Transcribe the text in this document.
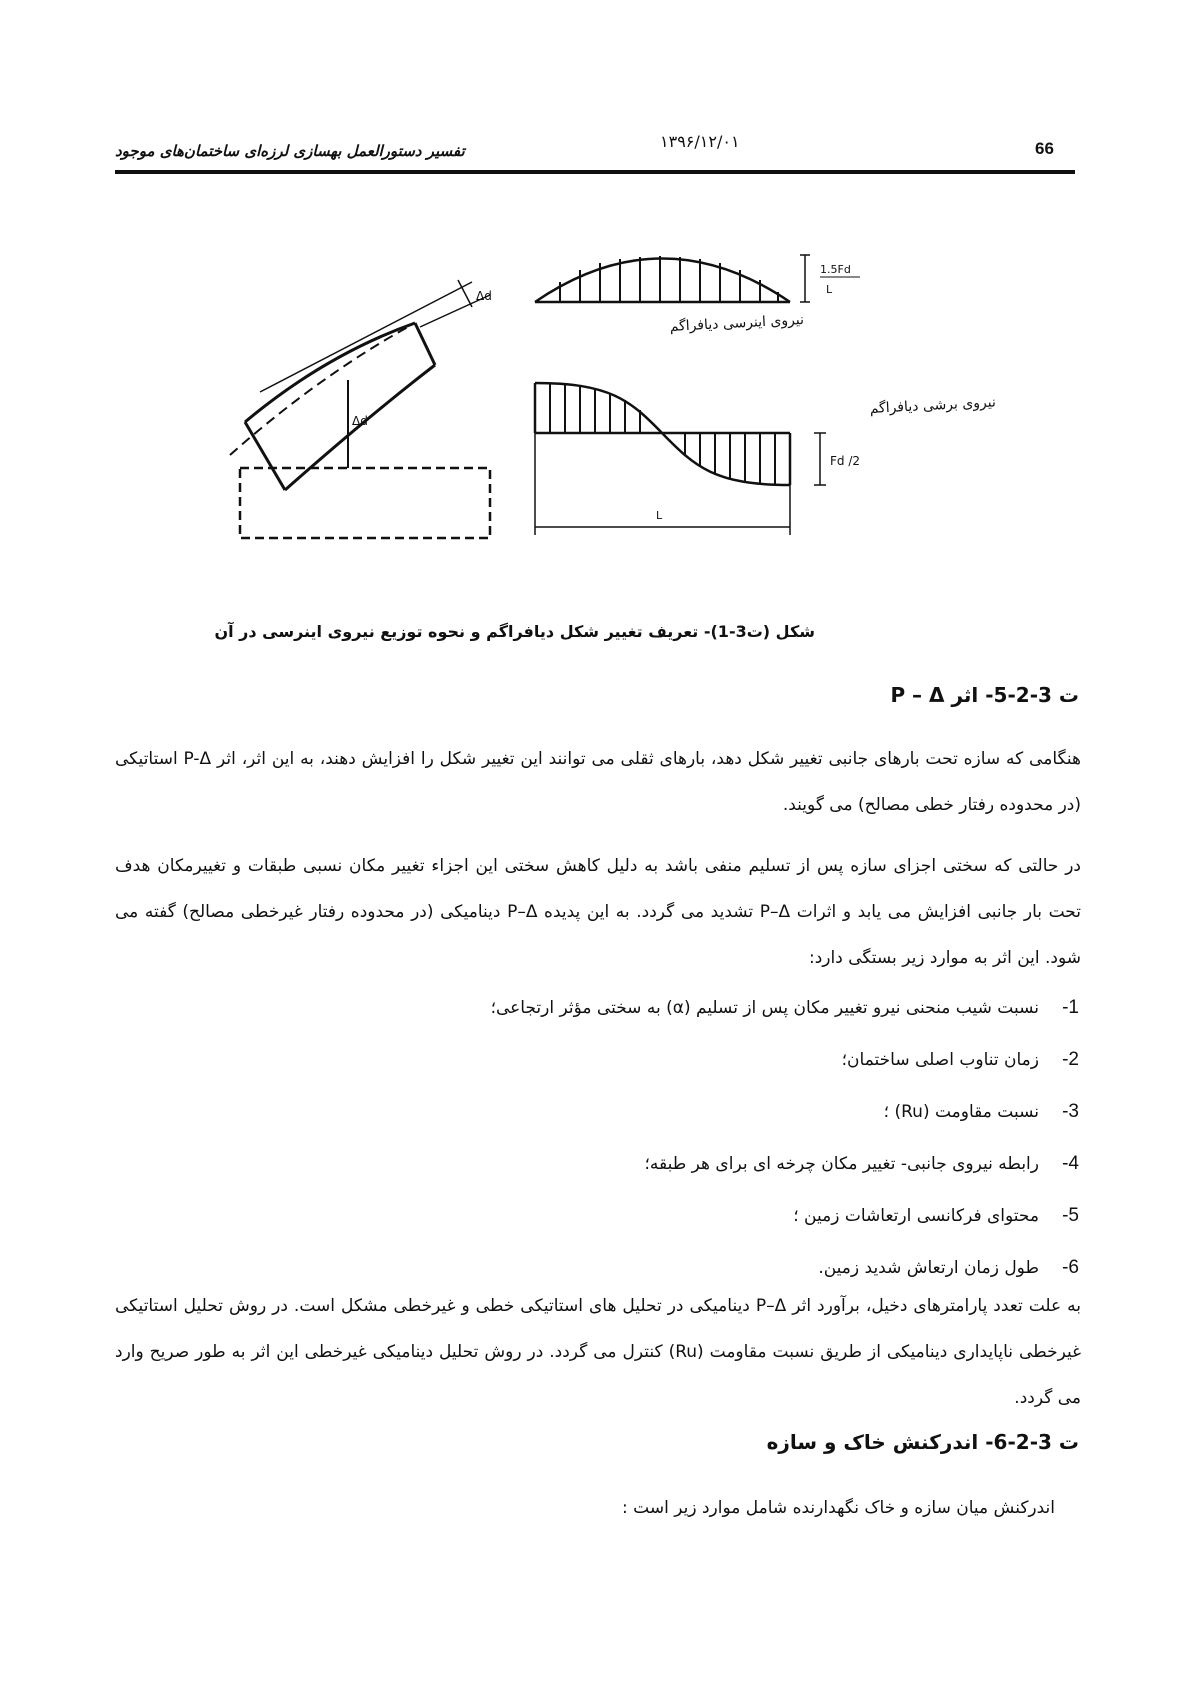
66
۱۳۹۶/۱۲/۰۱
تفسیر دستورالعمل بهسازی لرزه‌ای ساختمان‌های موجود
Δd
Δd
1.5Fd
L
نیروی اینرسی دیافراگم
نیروی برشی دیافراگم
Fd /2
L
شکل (ت3-1)- تعریف تغییر شکل دیافراگم و نحوه توزیع نیروی اینرسی در آن
ت 3-2-5- اثر P – Δ
هنگامی که سازه تحت بارهای جانبی تغییر شکل دهد، بارهای ثقلی می توانند این تغییر شکل را افزایش دهند، به این اثر، اثر P-Δ استاتیکی (در محدوده رفتار خطی مصالح) می گویند.
در حالتی که سختی اجزای سازه پس از تسلیم منفی باشد به دلیل کاهش سختی این اجزاء تغییر مکان نسبی طبقات و تغییرمکان هدف تحت بار جانبی افزایش می یابد و اثرات P–Δ تشدید می گردد. به این پدیده P–Δ دینامیکی (در محدوده رفتار غیرخطی مصالح) گفته می شود. این اثر به موارد زیر بستگی دارد:
1-نسبت شیب منحنی نیرو تغییر مکان پس از تسلیم (α) به سختی مؤثر ارتجاعی؛
2-زمان تناوب اصلی ساختمان؛
3-نسبت مقاومت (Ru) ؛
4-رابطه نیروی جانبی- تغییر مکان چرخه ای برای هر طبقه؛
5-محتوای فرکانسی ارتعاشات زمین ؛
6-طول زمان ارتعاش شدید زمین.
به علت تعدد پارامترهای دخیل، برآورد اثر P–Δ دینامیکی در تحلیل های استاتیکی خطی و غیرخطی مشکل است. در روش تحلیل استاتیکی غیرخطی ناپایداری دینامیکی از طریق نسبت مقاومت (Ru) کنترل می گردد. در روش تحلیل دینامیکی غیرخطی این اثر به طور صریح وارد می گردد.
ت 3-2-6- اندرکنش خاک و سازه
اندرکنش میان سازه و خاک نگهدارنده شامل موارد زیر است :
